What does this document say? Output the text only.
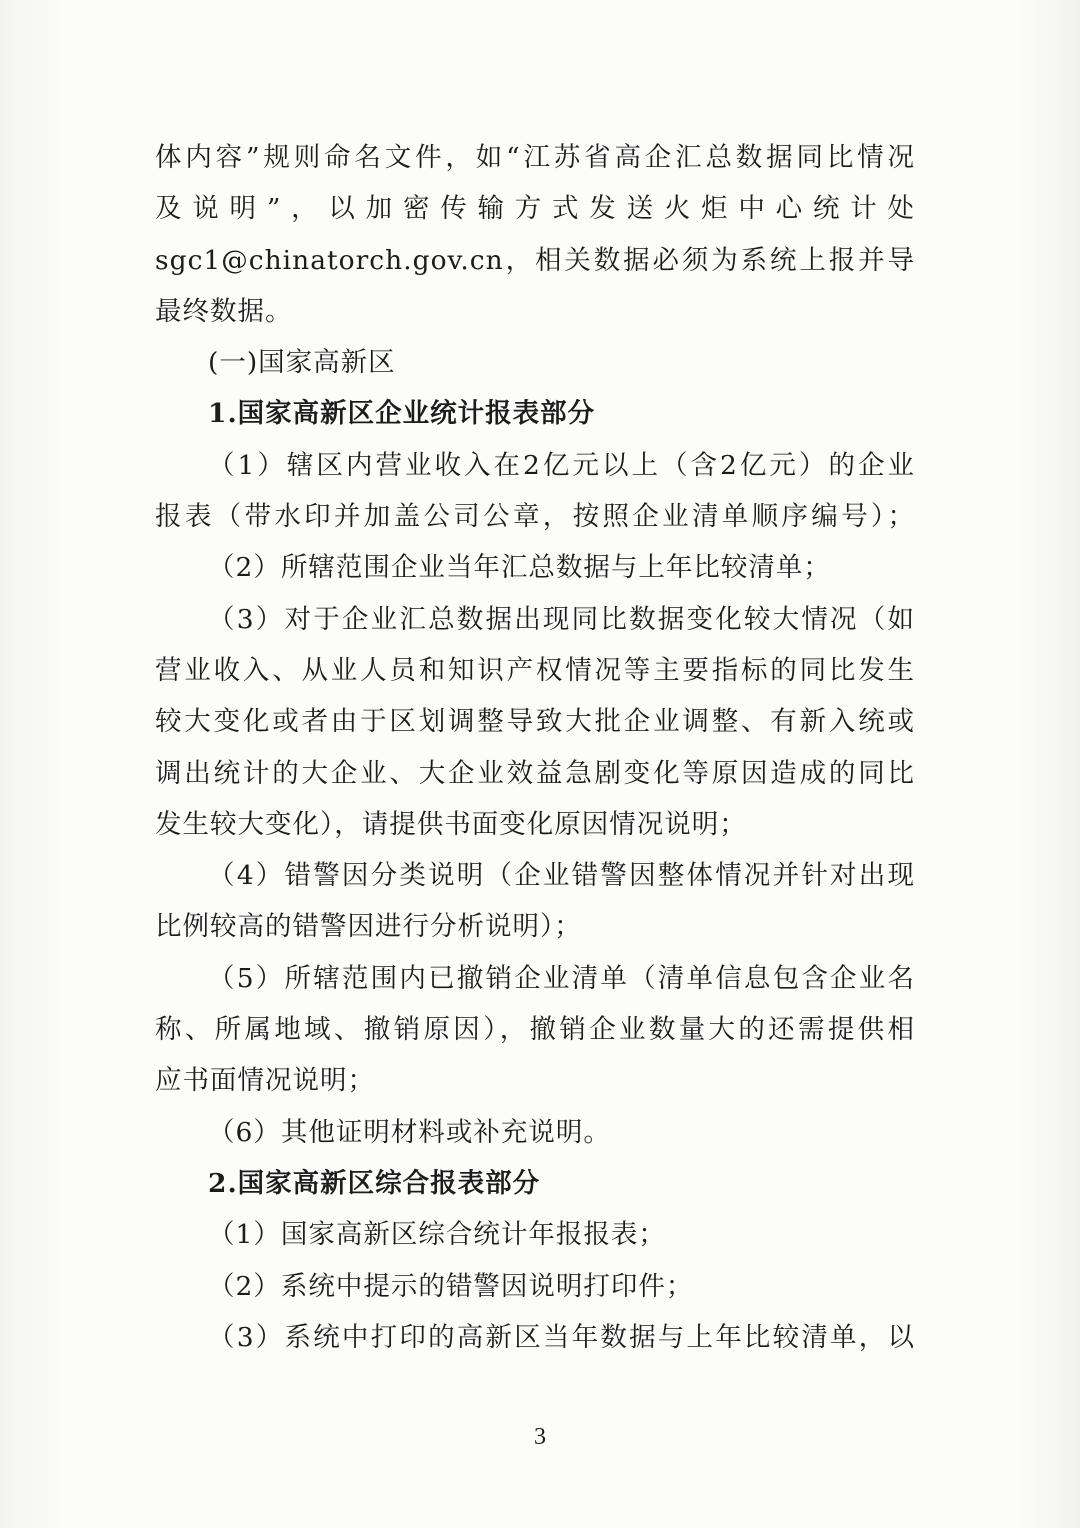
体内容”规则命名文件，如“江苏省高企汇总数据同比情况
及说明”，以加密传输方式发送火炬中心统计处
sgc1@chinatorch.gov.cn，相关数据必须为系统上报并导
最终数据。
(一)国家高新区
1.国家高新区企业统计报表部分
（1）辖区内营业收入在2亿元以上（含2亿元）的企业
报表（带水印并加盖公司公章，按照企业清单顺序编号）；
（2）所辖范围企业当年汇总数据与上年比较清单；
（3）对于企业汇总数据出现同比数据变化较大情况（如
营业收入、从业人员和知识产权情况等主要指标的同比发生
较大变化或者由于区划调整导致大批企业调整、有新入统或
调出统计的大企业、大企业效益急剧变化等原因造成的同比
发生较大变化），请提供书面变化原因情况说明；
（4）错警因分类说明（企业错警因整体情况并针对出现
比例较高的错警因进行分析说明）；
（5）所辖范围内已撤销企业清单（清单信息包含企业名
称、所属地域、撤销原因），撤销企业数量大的还需提供相
应书面情况说明；
（6）其他证明材料或补充说明。
2.国家高新区综合报表部分
（1）国家高新区综合统计年报报表；
（2）系统中提示的错警因说明打印件；
（3）系统中打印的高新区当年数据与上年比较清单，以
3
